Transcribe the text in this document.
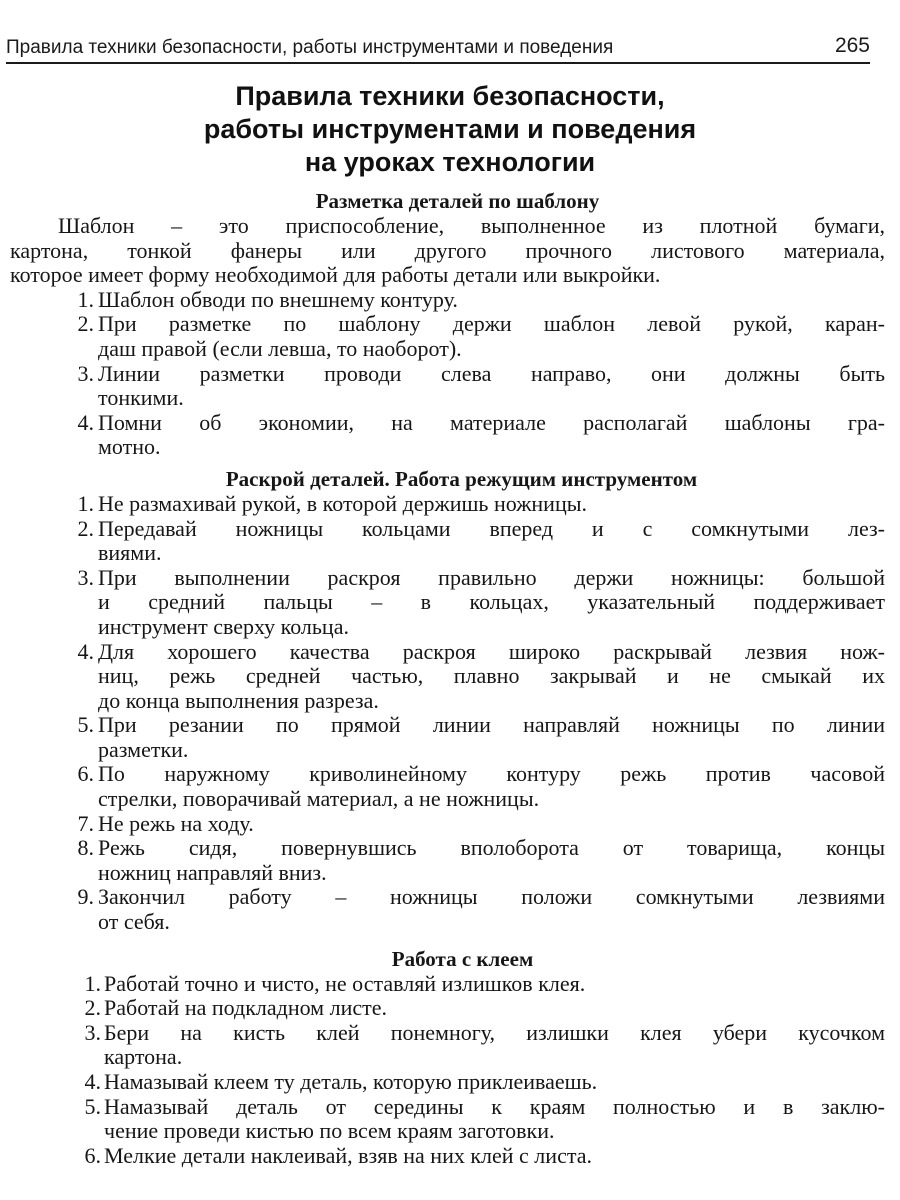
Правила техники безопасности, работы инструментами и поведения	265
Правила техники безопасности,
работы инструментами и поведения
на уроках технологии
Разметка деталей по шаблону

Шаблон – это приспособление, выполненное из плотной бумаги,
картона, тонкой фанеры или другого прочного листового материала,
которое имеет форму необходимой для работы детали или выкройки.

1. Шаблон обводи по внешнему контуру.
2. При разметке по шаблону держи шаблон левой рукой, каран-
даш правой (если левша, то наоборот).
3. Линии разметки проводи слева направо, они должны быть
тонкими.
4. Помни об экономии, на материале располагай шаблоны гра-
мотно.
Раскрой деталей. Работа режущим инструментом
1. Не размахивай рукой, в которой держишь ножницы.
2. Передавай ножницы кольцами вперед и с сомкнутыми лез-
виями.
3. При выполнении раскроя правильно держи ножницы: большой
и средний пальцы – в кольцах, указательный поддерживает
инструмент сверху кольца.
4. Для хорошего качества раскроя широко раскрывай лезвия нож-
ниц, режь средней частью, плавно закрывай и не смыкай их
до конца выполнения разреза.
5. При резании по прямой линии направляй ножницы по линии
разметки.
6. По наружному криволинейному контуру режь против часовой
стрелки, поворачивай материал, а не ножницы.
7. Не режь на ходу.
8. Режь сидя, повернувшись вполоборота от товарища, концы
ножниц направляй вниз.
9. Закончил работу – ножницы положи сомкнутыми лезвиями
от себя.
Работа с клеем
1. Работай точно и чисто, не оставляй излишков клея.
2. Работай на подкладном листе.
3. Бери на кисть клей понемногу, излишки клея убери кусочком
картона.
4. Намазывай клеем ту деталь, которую приклеиваешь.
5. Намазывай деталь от середины к краям полностью и в заклю-
чение проведи кистью по всем краям заготовки.
6. Мелкие детали наклеивай, взяв на них клей с листа.
